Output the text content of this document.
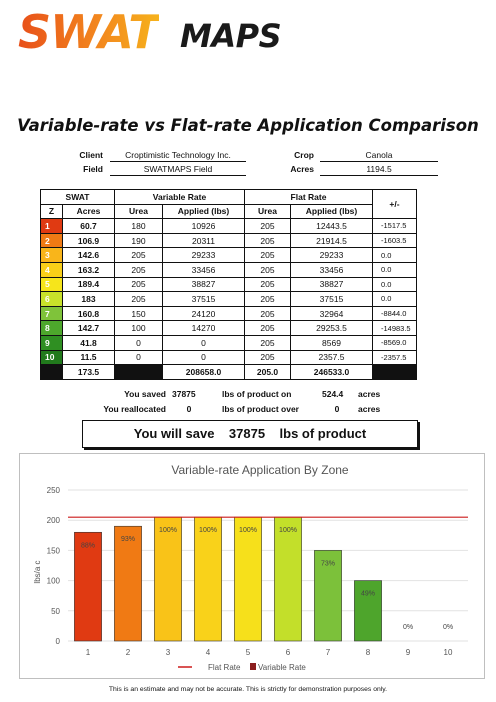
SWAT MAPS
Variable-rate vs Flat-rate Application Comparison
Client	Croptimistic Technology Inc.
Field	SWATMAPS Field
Crop	Canola
Acres	1194.5
SWAT		Variable Rate		Flat Rate		+/-
Z	Acres	Urea	Applied (lbs)	Urea	Applied (lbs)	
1	60.7	180	10926	205	12443.5	-1517.5
2	106.9	190	20311	205	21914.5	-1603.5
3	142.6	205	29233	205	29233	0.0
4	163.2	205	33456	205	33456	0.0
5	189.4	205	38827	205	38827	0.0
6	183	205	37515	205	37515	0.0
7	160.8	150	24120	205	32964	-8844.0
8	142.7	100	14270	205	29253.5	-14983.5
9	41.8	0	0	205	8569	-8569.0
10	11.5	0	0	205	2357.5	-2357.5
	173.5		208658.0	205.0	246533.0	
You saved 37875	lbs of product on	524.4	acres
You reallocated	0	lbs of product over	0	acres
You will save 37875 lbs of product
Variable-rate Application By Zone
lbs/a c
0
50
100
150
200
250
88%
1
93%
2
100%
3
100%
4
100%
5
100%
6
73%
7
49%
8
0%
9
0%
10
Flat Rate Variable Rate
This is an estimate and may not be accurate. This is strictly for demonstration purposes only.
